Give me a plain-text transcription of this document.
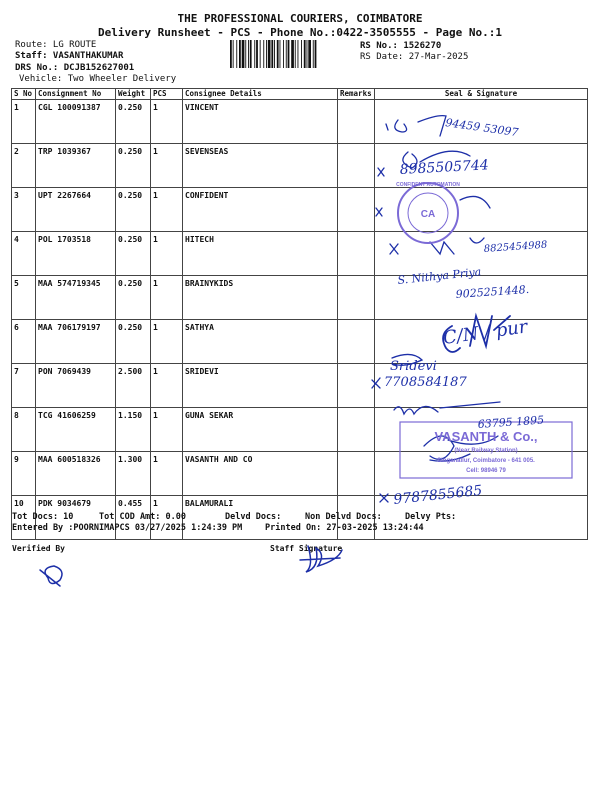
THE PROFESSIONAL COURIERS, COIMBATORE
Delivery Runsheet - PCS - Phone No.:0422-3505555 - Page No.:1
Route: LG ROUTE
Staff: VASANTHAKUMAR
DRS No.: DCJB152627001
Vehicle: Two Wheeler Delivery
RS No.: 1526270
RS Date: 27-Mar-2025
S No	Consignment No	Weight	PCS	Consignee Details	Remarks	Seal & Signature
1	CGL 100091387	0.250	1	VINCENT		
2	TRP 1039367	0.250	1	SEVENSEAS		
3	UPT 2267664	0.250	1	CONFIDENT		
4	POL 1703518	0.250	1	HITECH		
5	MAA 574719345	0.250	1	BRAINYKIDS		
6	MAA 706179197	0.250	1	SATHYA		
7	PON 7069439	2.500	1	SRIDEVI		
8	TCG 41606259	1.150	1	GUNA SEKAR		
9	MAA 600518326	1.300	1	VASANTH AND CO		
10	PDK 9034679	0.455	1	BALAMURALI		
Tot Docs: 10	Tot COD Amt: 0.00	Delvd Docs:	Non Delvd Docs:	Delvy Pts:
Entered By :POORNIMAPCS 03/27/2025 1:24:39 PM	Printed On: 27-03-2025 13:24:44
Verified By	Staff Signature
CONFIDENT AUTOMATION
CA
VASANTH & Co.,
(Near Railway Station)
Singanallur, Coimbatore - 641 005.
Cell: 98946 79
94459 53097
8985505744
8825454988
S. Nithya Priya
9025251448.
C/N / pur
Sridevi
7708584187
63795 1895
9787855685
